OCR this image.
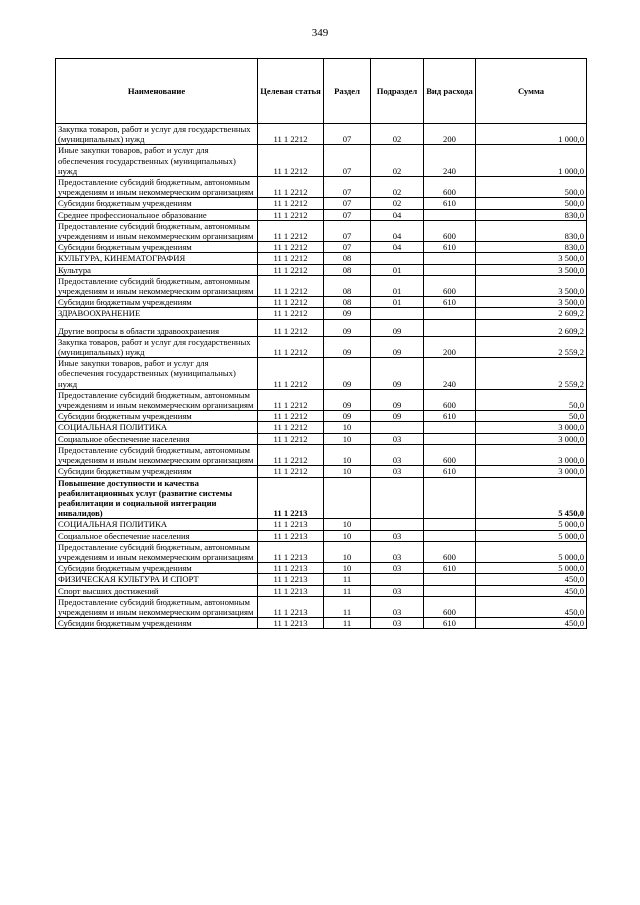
349
Наименование	Целевая статья	Раздел	Подраздел	Вид расхода	Сумма
Закупка товаров, работ и услуг для государственных (муниципальных) нужд	11 1 2212	07	02	200	1 000,0
Иные закупки товаров, работ и услуг для обеспечения государственных (муниципальных) нужд	11 1 2212	07	02	240	1 000,0
Предоставление субсидий бюджетным, автономным учреждениям и иным некоммерческим организациям	11 1 2212	07	02	600	500,0
Субсидии бюджетным учреждениям	11 1 2212	07	02	610	500,0
Среднее профессиональное образование	11 1 2212	07	04		830,0
Предоставление субсидий бюджетным, автономным учреждениям и иным некоммерческим организациям	11 1 2212	07	04	600	830,0
Субсидии бюджетным учреждениям	11 1 2212	07	04	610	830,0
КУЛЬТУРА, КИНЕМАТОГРАФИЯ	11 1 2212	08			3 500,0
Культура	11 1 2212	08	01		3 500,0
Предоставление субсидий бюджетным, автономным учреждениям и иным некоммерческим организациям	11 1 2212	08	01	600	3 500,0
Субсидии бюджетным учреждениям	11 1 2212	08	01	610	3 500,0
ЗДРАВООХРАНЕНИЕ	11 1 2212	09			2 609,2
Другие вопросы в области здравоохранения	11 1 2212	09	09		2 609,2
Закупка товаров, работ и услуг для государственных (муниципальных) нужд	11 1 2212	09	09	200	2 559,2
Иные закупки товаров, работ и услуг для обеспечения государственных (муниципальных) нужд	11 1 2212	09	09	240	2 559,2
Предоставление субсидий бюджетным, автономным учреждениям и иным некоммерческим организациям	11 1 2212	09	09	600	50,0
Субсидии бюджетным учреждениям	11 1 2212	09	09	610	50,0
СОЦИАЛЬНАЯ ПОЛИТИКА	11 1 2212	10			3 000,0
Социальное обеспечение населения	11 1 2212	10	03		3 000,0
Предоставление субсидий бюджетным, автономным учреждениям и иным некоммерческим организациям	11 1 2212	10	03	600	3 000,0
Субсидии бюджетным учреждениям	11 1 2212	10	03	610	3 000,0
Повышение доступности и качества реабилитационных услуг (развитие системы реабилитации и социальной интеграции инвалидов)	11 1 2213				5 450,0
СОЦИАЛЬНАЯ ПОЛИТИКА	11 1 2213	10			5 000,0
Социальное обеспечение населения	11 1 2213	10	03		5 000,0
Предоставление субсидий бюджетным, автономным учреждениям и иным некоммерческим организациям	11 1 2213	10	03	600	5 000,0
Субсидии бюджетным учреждениям	11 1 2213	10	03	610	5 000,0
ФИЗИЧЕСКАЯ КУЛЬТУРА И СПОРТ	11 1 2213	11			450,0
Спорт высших достижений	11 1 2213	11	03		450,0
Предоставление субсидий бюджетным, автономным учреждениям и иным некоммерческим организациям	11 1 2213	11	03	600	450,0
Субсидии бюджетным учреждениям	11 1 2213	11	03	610	450,0
